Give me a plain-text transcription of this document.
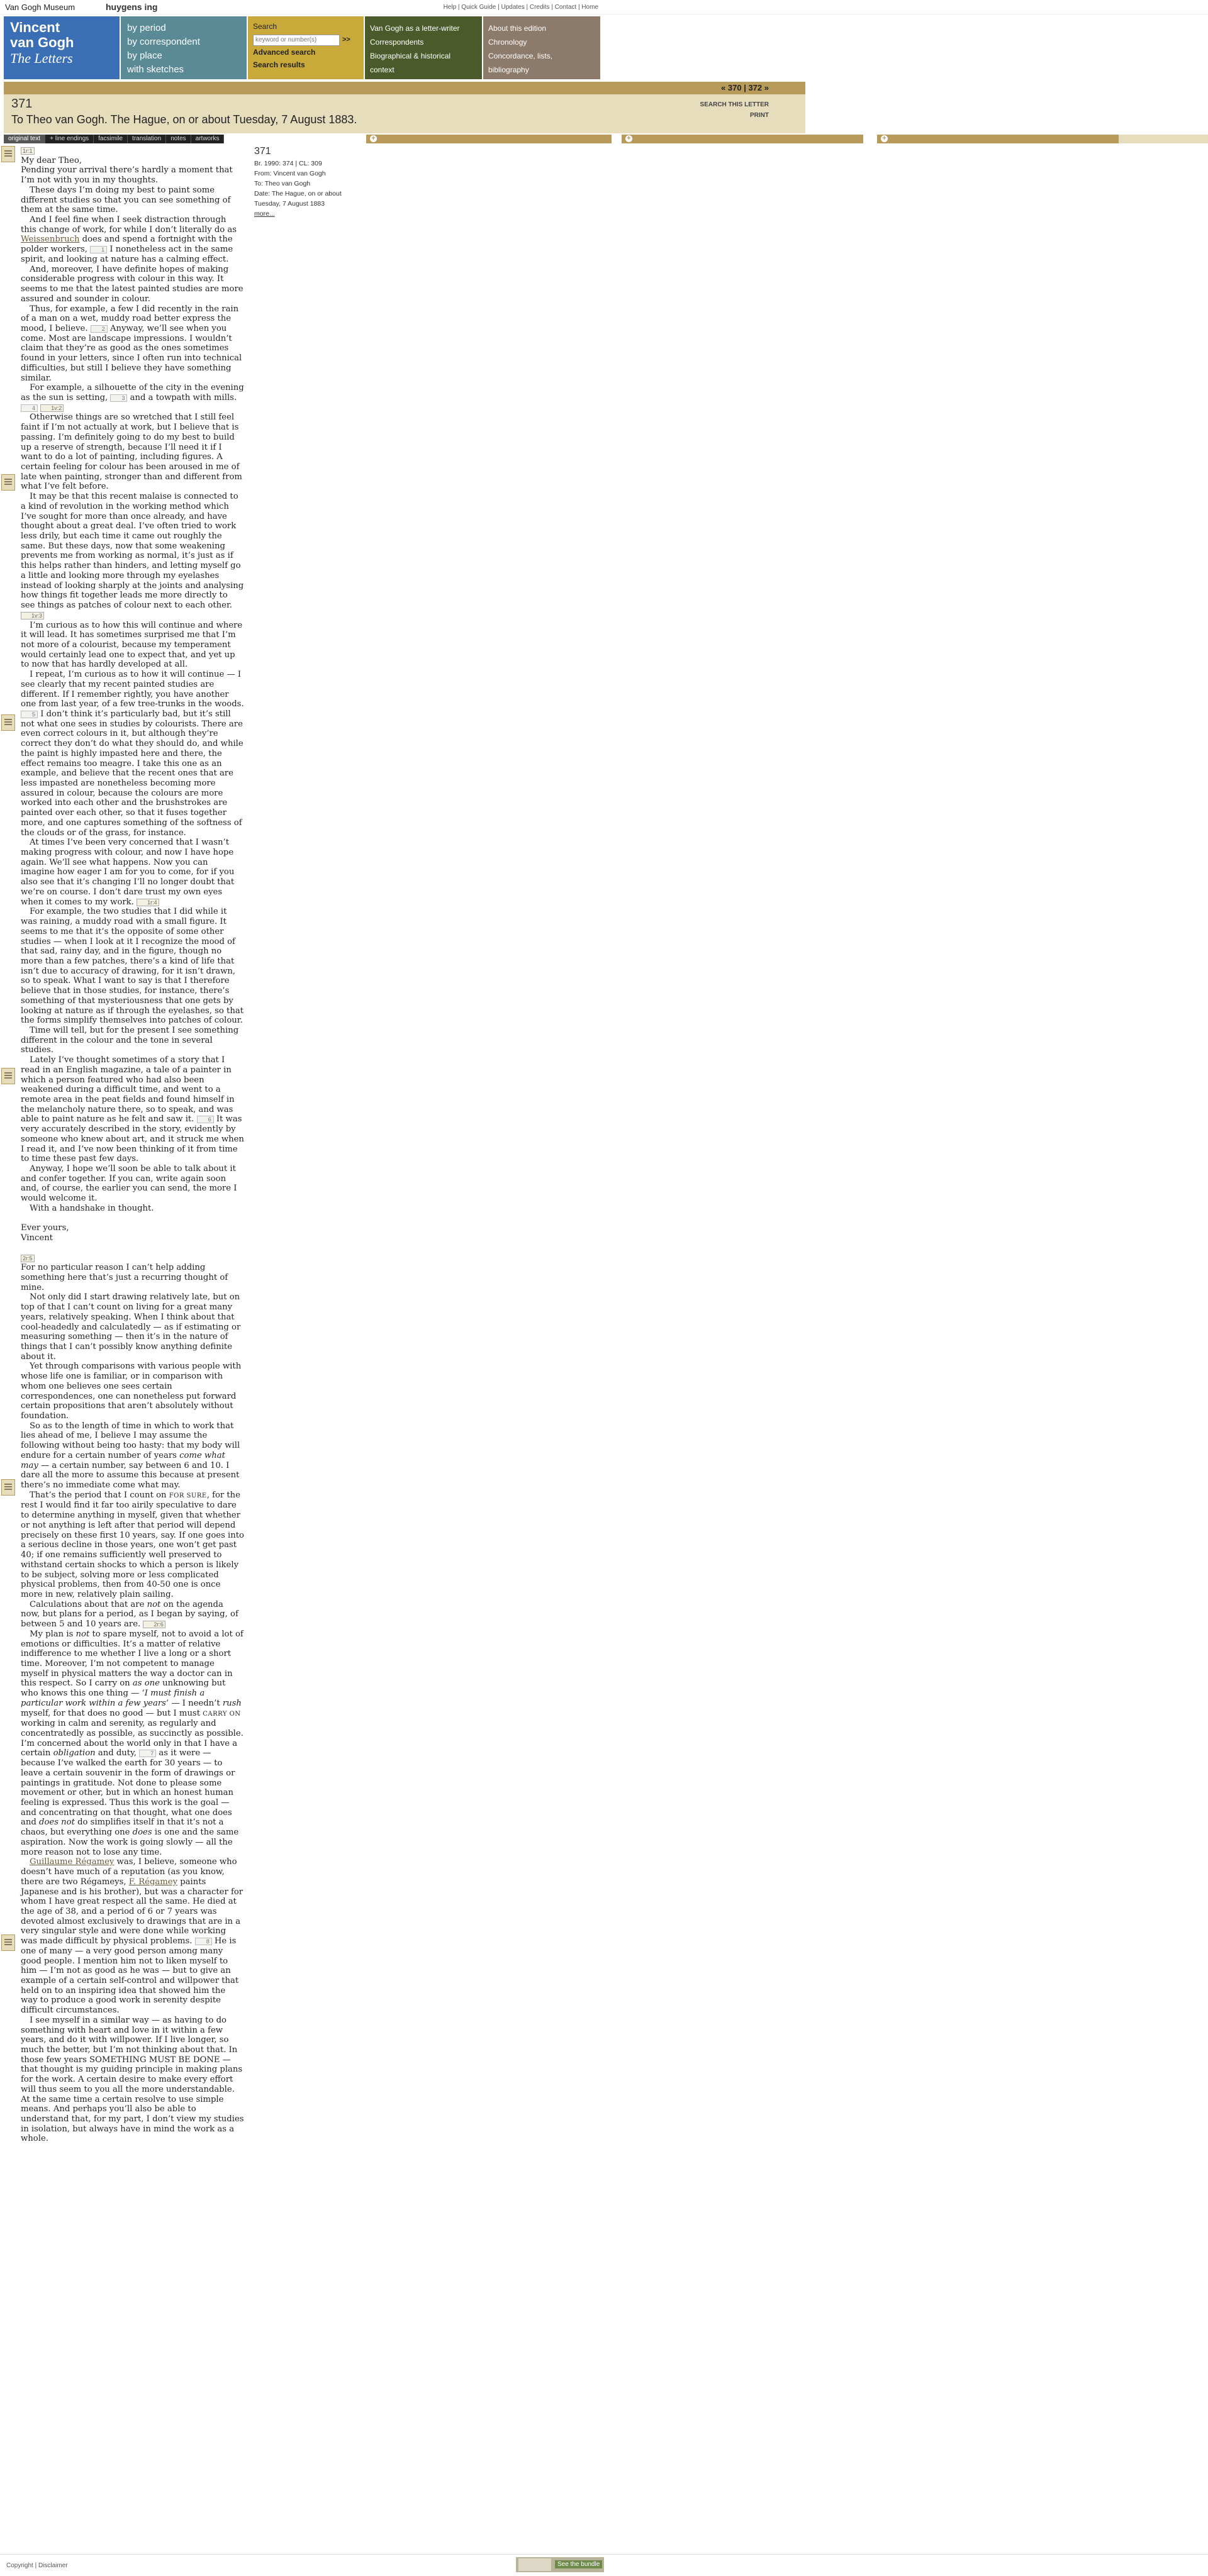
Van Gogh Museum	huygens ing	Help | Quick Guide | Updates | Credits | Contact | Home
Vincent
van Gogh
The Letters
by period
by correspondent
by place
with sketches
Search
keyword or number(s)>>
Advanced search
Search results
Van Gogh as a letter-writer
Correspondents
Biographical & historical context
About this edition
Chronology
Concordance, lists, bibliography
« 370 | 372 »
371
To Theo van Gogh. The Hague, on or about Tuesday, 7 August 1883.
SEARCH THIS LETTER
PRINT
original text	+ line endings	facsimile	translation	notes	artworks	+	+	+

1r:1

My dear Theo,

Pending your arrival there’s hardly a moment that I’m not with you in my thoughts.

These days I’m doing my best to paint some different studies so that you can see something of them at the same time.

And I feel fine when I seek distraction through this change of work, for while I don’t literally do as
Weissenbruch does and spend a fortnight with the polder workers, 1 I nonetheless act in the same spirit, and looking at nature has a calming effect.

And, moreover, I have definite hopes of making considerable progress with colour in this way. It seems to me that the latest painted studies are more assured and sounder in colour.

Thus, for example, a few I did recently in the rain of a man on a wet, muddy road better express the mood, I believe. 2 Anyway, we’ll see when you come. Most are landscape impressions. I wouldn’t claim that they’re as good as the ones sometimes found in your letters, since I often run into technical difficulties, but still I believe they have something similar.

For example, a silhouette of the city in the evening as the sun is setting, 3 and a towpath with mills. 4	1v:2

Otherwise things are so wretched that I still feel faint if I’m not actually at work, but I believe that is passing. I’m definitely going to do my best to build up a reserve of strength, because I’ll need it if I want to do a lot of painting, including figures. A certain feeling for colour has been aroused in me of late when painting, stronger than and different from what I’ve felt before.

It may be that this recent malaise is connected to a kind of revolution in the working method which I’ve sought for more than once already, and have thought about a great deal. I’ve often tried to work less drily, but each time it came out roughly the same. But these days, now that some weakening prevents me from working as normal, it’s just as if this helps rather than hinders, and letting myself go a little and looking more through my eyelashes instead of looking sharply at the joints and analysing how things fit together leads me more directly to see things as patches of colour next to each other. 1v:3

I’m curious as to how this will continue and where it will lead. It has sometimes surprised me that I’m not more of a colourist, because my temperament would certainly lead one to expect that, and yet up to now that has hardly developed at all.

I repeat, I’m curious as to how it will continue — I see clearly that my recent painted studies are different. If I remember rightly, you have another one from last year, of a few tree-trunks in the woods. 5 I don’t think it’s particularly bad, but it’s still not what one sees in studies by colourists. There are even correct colours in it, but although they’re correct they don’t do what they should do, and while the paint is highly impasted here and there, the effect remains too meagre. I take this one as an example, and believe that the recent ones that are less impasted are nonetheless becoming more assured in colour, because the colours are more worked into each other and the brushstrokes are painted over each other, so that it fuses together more, and one captures something of the softness of the clouds or of the grass, for instance.

At times I’ve been very concerned that I wasn’t making progress with colour, and now I have hope again. We’ll see what happens. Now you can imagine how eager I am for you to come, for if you also see that it’s changing I’ll no longer doubt that we’re on course. I don’t dare trust my own eyes when it comes to my work. 1r:4

For example, the two studies that I did while it was raining, a muddy road with a small figure. It seems to me that it’s the opposite of some other studies — when I look at it I recognize the mood of that sad, rainy day, and in the figure, though no more than a few patches, there’s a kind of life that isn’t due to accuracy of drawing, for it isn’t drawn, so to speak. What I want to say is that I therefore believe that in those studies, for instance, there’s something of that mysteriousness that one gets by looking at nature as if through the eyelashes, so that the forms simplify themselves into patches of colour.

Time will tell, but for the present I see something different in the colour and the tone in several studies.

Lately I’ve thought sometimes of a story that I read in an English magazine, a tale of a painter in which a person featured who had also been weakened during a difficult time, and went to a remote area in the peat fields and found himself in the melancholy nature there, so to speak, and was able to paint nature as he felt and saw it. 6 It was very accurately described in the story, evidently by someone who knew about art, and it struck me when I read it, and I’ve now been thinking of it from time to time these past few days.

Anyway, I hope we’ll soon be able to talk about it and confer together. If you can, write again soon and, of course, the earlier you can send, the more I would welcome it.

With a handshake in thought.

Ever yours,

Vincent

2r:5

For no particular reason I can’t help adding something here that’s just a recurring thought of mine.

Not only did I start drawing relatively late, but on top of that I can’t count on living for a great many years, relatively speaking. When I think about that cool-headedly and calculatedly — as if estimating or measuring something — then it’s in the nature of things that I can’t possibly know anything definite about it.

Yet through comparisons with various people with whose life one is familiar, or in comparison with whom one believes one sees certain correspondences, one can nonetheless put forward certain propositions that aren’t absolutely without foundation.

So as to the length of time in which to work that lies ahead of me, I believe I may assume the following without being too hasty: that my body will endure for a certain number of years come what may — a certain number, say between 6 and 10. I dare all the more to assume this because at present there’s no immediate come what may.

That’s the period that I count on FOR SURE, for the rest I would find it far too airily speculative to dare to determine anything in myself, given that whether or not anything is left after that period will depend precisely on these first 10 years, say. If one goes into a serious decline in those years, one won’t get past 40; if one remains sufficiently well preserved to withstand certain shocks to which a person is likely to be subject, solving more or less complicated physical problems, then from 40-50 one is once more in new, relatively plain sailing.

Calculations about that are not on the agenda now, but plans for a period, as I began by saying, of between 5 and 10 years are. 2r:6

My plan is not to spare myself, not to avoid a lot of emotions or difficulties. It’s a matter of relative indifference to me whether I live a long or a short time. Moreover, I’m not competent to manage myself in physical matters the way a doctor can in this respect. So I carry on as one unknowing but who knows this one thing — ‘I must finish a particular work within a few years’ — I needn’t rush myself, for that does no good — but I must CARRY ON working in calm and serenity, as regularly and concentratedly as possible, as succinctly as possible. I’m concerned about the world only in that I have a certain obligation and duty, 7 as it were — because I’ve walked the earth for 30 years — to leave a certain souvenir in the form of drawings or paintings in gratitude. Not done to please some movement or other, but in which an honest human feeling is expressed. Thus this work is the goal — and concentrating on that thought, what one does and does not do simplifies itself in that it’s not a chaos, but everything one does is one and the same aspiration. Now the work is going slowly — all the more reason not to lose any time.

Guillaume Régamey was, I believe, someone who doesn’t have much of a reputation (as you know, there are two Régameys, F. Régamey paints Japanese and is his brother), but was a character for whom I have great respect all the same. He died at the age of 38, and a period of 6 or 7 years was devoted almost exclusively to drawings that are in a very singular style and were done while working was made difficult by physical problems. 8 He is one of many — a very good person among many good people. I mention him not to liken myself to him — I’m not as good as he was — but to give an example of a certain self-control and willpower that held on to an inspiring idea that showed him the way to produce a good work in serenity despite difficult circumstances.

I see myself in a similar way — as having to do something with heart and love in it within a few years, and do it with willpower. If I live longer, so much the better, but I’m not thinking about that. In those few years SOMETHING MUST BE DONE — that thought is my guiding principle in making plans for the work. A certain desire to make every effort will thus seem to you all the more understandable. At the same time a certain resolve to use simple means. And perhaps you’ll also be able to understand that, for my part, I don’t view my studies in isolation, but always have in mind the work as a whole.

371
Br. 1990: 374 | CL: 309
From: Vincent van Gogh
To: Theo van Gogh
Date: The Hague, on or about
Tuesday, 7 August 1883
more...
Copyright | Disclaimer	See the bundle
